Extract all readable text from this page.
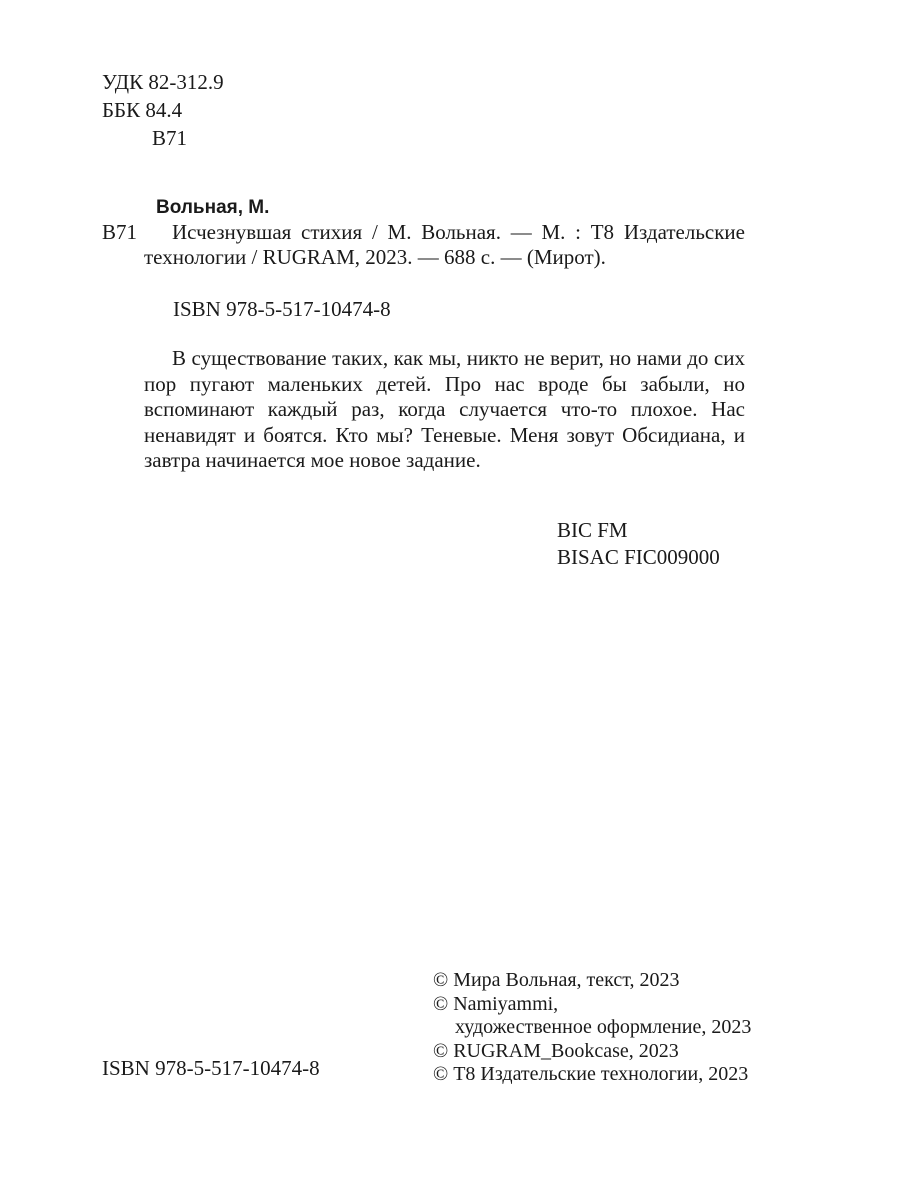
УДК 82-312.9
ББК 84.4
В71
Вольная, М.
В71	Исчезнувшая стихия / М. Вольная. — М. : Т8 Издательские технологии / RUGRAM, 2023. — 688 с. — (Мирот).
ISBN 978-5-517-10474-8
В существование таких, как мы, никто не верит, но нами до сих пор пугают маленьких детей. Про нас вроде бы забыли, но вспоминают каждый раз, когда случается что-то плохое. Нас ненавидят и боятся. Кто мы? Теневые. Меня зовут Обсидиана, и завтра начинается мое новое задание.
BIC FM
BISAC FIC009000
© Мира Вольная, текст, 2023
© Namiyammi,
художественное оформление, 2023
© RUGRAM_Bookcase, 2023
© Т8 Издательские технологии, 2023
ISBN 978-5-517-10474-8
